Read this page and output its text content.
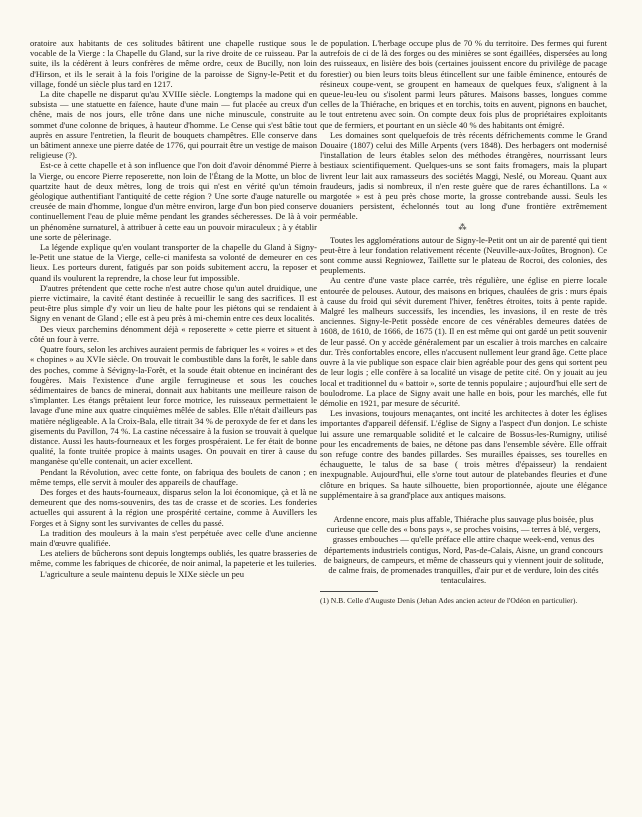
oratoire aux habitants de ces solitudes bâtirent une chapelle rustique sous le vocable de la Vierge : la Chapelle du Gland, sur la rive droite de ce ruisseau. Par la suite, ils la cédèrent à leurs confrères de même ordre, ceux de Bucilly, non loin d'Hirson, et ils le serait à la fois l'origine de la paroisse de Signy-le-Petit et du village, fondé un siècle plus tard en 1217.

La dite chapelle ne disparut qu'au XVIIIe siècle. Longtemps la madone qui en subsista — une statuette en faïence, haute d'une main — fut placée au creux d'un chêne, mais de nos jours, elle trône dans une niche minuscule, construite au sommet d'une colonne de briques, à hauteur d'homme. Le Cense qui s'est bâtie tout auprès en assure l'entretien, la fleurit de bouquets champêtres. Elle conserve dans un bâtiment annexe une pierre datée de 1776, qui pourrait être un vestige de maison religieuse (?).

Est-ce à cette chapelle et à son influence que l'on doit d'avoir dénommé Pierre à la Vierge, ou encore Pierre reposerette, non loin de l'Étang de la Motte, un bloc de quartzite haut de deux mètres, long de trois qui n'est en vérité qu'un témoin géologique authentifiant l'antiquité de cette région ? Une sorte d'auge naturelle ou creusée de main d'homme, longue d'un mètre environ, large d'un bon pied conserve continuellement l'eau de pluie même pendant les grandes sécheresses. De là à voir un phénomène surnaturel, à attribuer à cette eau un pouvoir miraculeux ; à y établir une sorte de pèlerinage.

La légende explique qu'en voulant transporter de la chapelle du Gland à Signy-le-Petit une statue de la Vierge, celle-ci manifesta sa volonté de demeurer en ces lieux. Les porteurs durent, fatigués par son poids subitement accru, la reposer et quand ils voulurent la reprendre, la chose leur fut impossible.

D'autres prétendent que cette roche n'est autre chose qu'un autel druidique, une pierre victimaire, la cavité étant destinée à recueillir le sang des sacrifices. Il est peut-être plus simple d'y voir un lieu de halte pour les piétons qui se rendaient à Signy en venant de Gland ; elle est à peu près à mi-chemin entre ces deux localités.

Des vieux parchemins dénomment déjà « reposerette » cette pierre et situent à côté un four à verre.

Quatre fours, selon les archives auraient permis de fabriquer les « voires » et des « chopines » au XVIe siècle. On trouvait le combustible dans la forêt, le sable dans des poches, comme à Sévigny-la-Forêt, et la soude était obtenue en incinérant des fougères. Mais l'existence d'une argile ferrugineuse et sous les couches sédimentaires de bancs de minerai, donnait aux habitants une meilleure raison de s'implanter. Les étangs prêtaient leur force motrice, les ruisseaux permettaient le lavage d'une mine aux quatre cinquièmes mêlée de sables. Elle n'était d'ailleurs pas matière négligeable. A la Croix-Bala, elle titrait 34 % de peroxyde de fer et dans les gisements du Pavillon, 74 %. La castine nécessaire à la fusion se trouvait à quelque distance. Aussi les hauts-fourneaux et les forges prospéraient. Le fer était de bonne qualité, la fonte truitée propice à maints usages. On pouvait en tirer à cause du manganèse qu'elle contenait, un acier excellent.

Pendant la Révolution, avec cette fonte, on fabriqua des boulets de canon ; en même temps, elle servit à mouler des appareils de chauffage.

Des forges et des hauts-fourneaux, disparus selon la loi économique, çà et là ne demeurent que des noms-souvenirs, des tas de crasse et de scories. Les fonderies actuelles qui assurent à la région une prospérité certaine, comme à Auvillers les Forges et à Signy sont les survivantes de celles du passé.

La tradition des mouleurs à la main s'est perpétuée avec celle d'une ancienne main d'œuvre qualifiée.

Les ateliers de bûcherons sont depuis longtemps oubliés, les quatre brasseries de même, comme les fabriques de chicorée, de noir animal, la papeterie et les tuileries.

L'agriculture a seule maintenu depuis le XIXe siècle un peu

de population. L'herbage occupe plus de 70 % du territoire. Des fermes qui furent autrefois de ci de là des forges ou des minières se sont égaillées, dispersées au long des ruisseaux, en lisière des bois (certaines jouissent encore du privilège de pacage forestier) ou bien leurs toits bleus étincellent sur une faible éminence, entourés de résineux coupe-vent, se groupent en hameaux de quelques feux, s'alignent à la queue-leu-leu ou s'isolent parmi leurs pâtures. Maisons basses, longues comme celles de la Thiérache, en briques et en torchis, toits en auvent, pignons en bauchet, le tout entretenu avec soin. On compte deux fois plus de propriétaires exploitants que de fermiers, et pourtant en un siècle 40 % des habitants ont émigré.

Les domaines sont quelquefois de très récents défrichements comme le Grand Douaire (1807) celui des Mille Arpents (vers 1848). Des herbagers ont modernisé l'installation de leurs étables selon des méthodes étrangères, nourrissant leurs bestiaux scientifiquement. Quelques-uns se sont faits fromagers, mais la plupart livrent leur lait aux ramasseurs des sociétés Maggi, Neslé, ou Moreau. Quant aux fraudeurs, jadis si nombreux, il n'en reste guère que de rares échantillons. La « margotée » est à peu près chose morte, la grosse contrebande aussi. Seuls les douaniers persistent, échelonnés tout au long d'une frontière extrêmement perméable.

⁂

Toutes les agglomérations autour de Signy-le-Petit ont un air de parenté qui tient peut-être à leur fondation relativement récente (Neuville-aux-Joûtes, Brognon). Ce sont comme aussi Regniowez, Taillette sur le plateau de Rocroi, des colonies, des peuplements.

Au centre d'une vaste place carrée, très régulière, une église en pierre locale entourée de pelouses. Autour, des maisons en briques, chaulées de gris : murs épais à cause du froid qui sévit durement l'hiver, fenêtres étroites, toits à pente rapide. Malgré les malheurs successifs, les incendies, les invasions, il en reste de très anciennes. Signy-le-Petit possède encore de ces vénérables demeures datées de 1608, de 1610, de 1666, de 1675 (1). Il en est même qui ont gardé un petit souvenir de leur passé. On y accède généralement par un escalier à trois marches en calcaire dur. Très confortables encore, elles n'accusent nullement leur grand âge. Cette place ouvre à la vie publique son espace clair bien agréable pour des gens qui sortent peu de leur logis ; elle confère à sa localité un visage de petite cité. On y jouait au jeu local et traditionnel du « battoir », sorte de tennis populaire ; aujourd'hui elle sert de boulodrome. La place de Signy avait une halle en bois, pour les marchés, elle fut démolie en 1921, par mesure de sécurité.

Les invasions, toujours menaçantes, ont incité les architectes à doter les églises importantes d'appareil défensif. L'église de Signy a l'aspect d'un donjon. Le schiste lui assure une remarquable solidité et le calcaire de Bossus-les-Rumigny, utilisé pour les encadrements de baies, ne détone pas dans l'ensemble sévère. Elle offrait son refuge contre des bandes pillardes. Ses murailles épaisses, ses tourelles en échauguette, le talus de sa base ( trois mètres d'épaisseur) la rendaient inexpugnable. Aujourd'hui, elle s'orne tout autour de platebandes fleuries et d'une clôture en briques. Sa haute silhouette, bien proportionnée, ajoute une élégance supplémentaire à sa grand'place aux antiques maisons.

Ardenne encore, mais plus affable, Thiérache plus sauvage plus boisée, plus curieuse que celle des « bons pays », se proches voisins, — terres à blé, vergers, grasses embouches — qu'elle préface elle attire chaque week-end, venus des départements industriels contigus, Nord, Pas-de-Calais, Aisne, un grand concours de baigneurs, de campeurs, et même de chasseurs qui y viennent jouir de solitude, de calme frais, de promenades tranquilles, d'air pur et de verdure, loin des cités tentaculaires.

(1) N.B. Celle d'Auguste Denis (Jehan Ades ancien acteur de l'Odéon en particulier).
